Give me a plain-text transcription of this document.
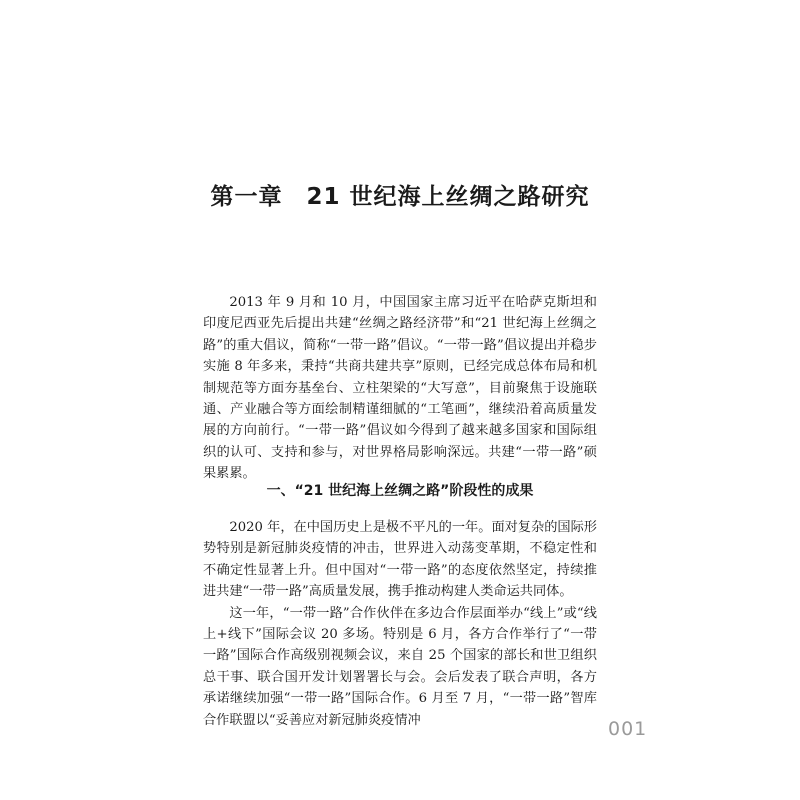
第一章　21 世纪海上丝绸之路研究

2013 年 9 月和 10 月，中国国家主席习近平在哈萨克斯坦和印度尼西亚先后提出共建“丝绸之路经济带”和“21 世纪海上丝绸之路”的重大倡议，简称“一带一路”倡议。“一带一路”倡议提出并稳步实施 8 年多来，秉持“共商共建共享”原则，已经完成总体布局和机制规范等方面夯基垒台、立柱架梁的“大写意”，目前聚焦于设施联通、产业融合等方面绘制精谨细腻的“工笔画”，继续沿着高质量发展的方向前行。“一带一路”倡议如今得到了越来越多国家和国际组织的认可、支持和参与，对世界格局影响深远。共建“一带一路”硕果累累。

一、“21 世纪海上丝绸之路”阶段性的成果

2020 年，在中国历史上是极不平凡的一年。面对复杂的国际形势特别是新冠肺炎疫情的冲击，世界进入动荡变革期，不稳定性和不确定性显著上升。但中国对“一带一路”的态度依然坚定，持续推进共建“一带一路”高质量发展，携手推动构建人类命运共同体。

这一年，“一带一路”合作伙伴在多边合作层面举办“线上”或“线上+线下”国际会议 20 多场。特别是 6 月，各方合作举行了“一带一路”国际合作高级别视频会议，来自 25 个国家的部长和世卫组织总干事、联合国开发计划署署长与会。会后发表了联合声明，各方承诺继续加强“一带一路”国际合作。6 月至 7 月，“一带一路”智库合作联盟以“妥善应对新冠肺炎疫情冲	001
